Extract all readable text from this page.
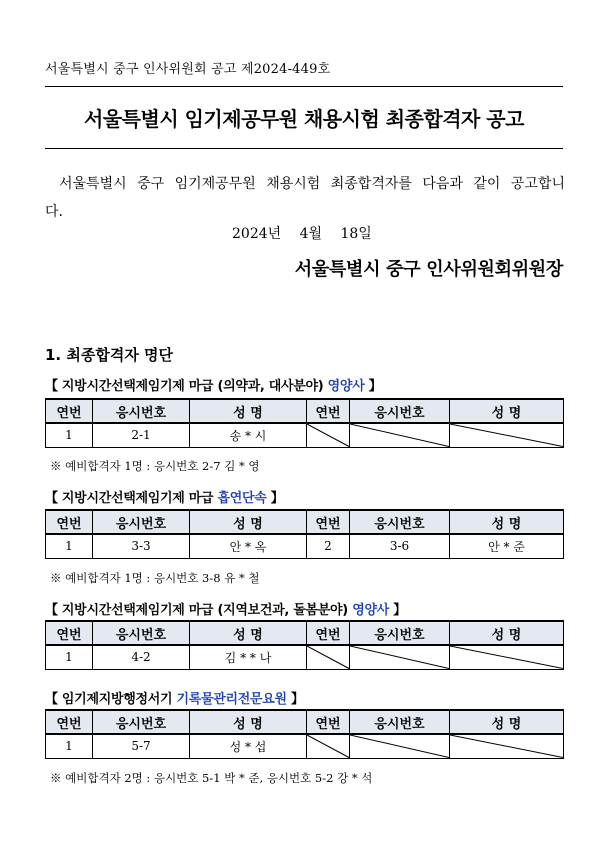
서울특별시 중구 인사위원회 공고 제2024-449호
서울특별시 임기제공무원 채용시험 최종합격자 공고
서울특별시 중구 임기제공무원 채용시험 최종합격자를 다음과 같이 공고합니다.
2024년 4월 18일
서울특별시 중구 인사위원회위원장
1. 최종합격자 명단
【 지방시간선택제임기제 마급 (의약과, 대사분야) 영양사 】
연번	응시번호	성 명	연번	응시번호	성 명
1	2-1	송 * 시	

※ 예비합격자 1명 : 응시번호 2-7 김 * 영
【 지방시간선택제임기제 마급 흡연단속 】
연번	응시번호	성 명	연번	응시번호	성 명
1	3-3	안 * 옥	2	3-6	안 * 준
※ 예비합격자 1명 : 응시번호 3-8 유 * 철
【 지방시간선택제임기제 마급 (지역보건과, 돌봄분야) 영양사 】
연번	응시번호	성 명	연번	응시번호	성 명
1	4-2	김 * * 나	

【 임기제지방행정서기 기록물관리전문요원 】
연번	응시번호	성 명	연번	응시번호	성 명
1	5-7	성 * 섭	

※ 예비합격자 2명 : 응시번호 5-1 박 * 준, 응시번호 5-2 강 * 석
